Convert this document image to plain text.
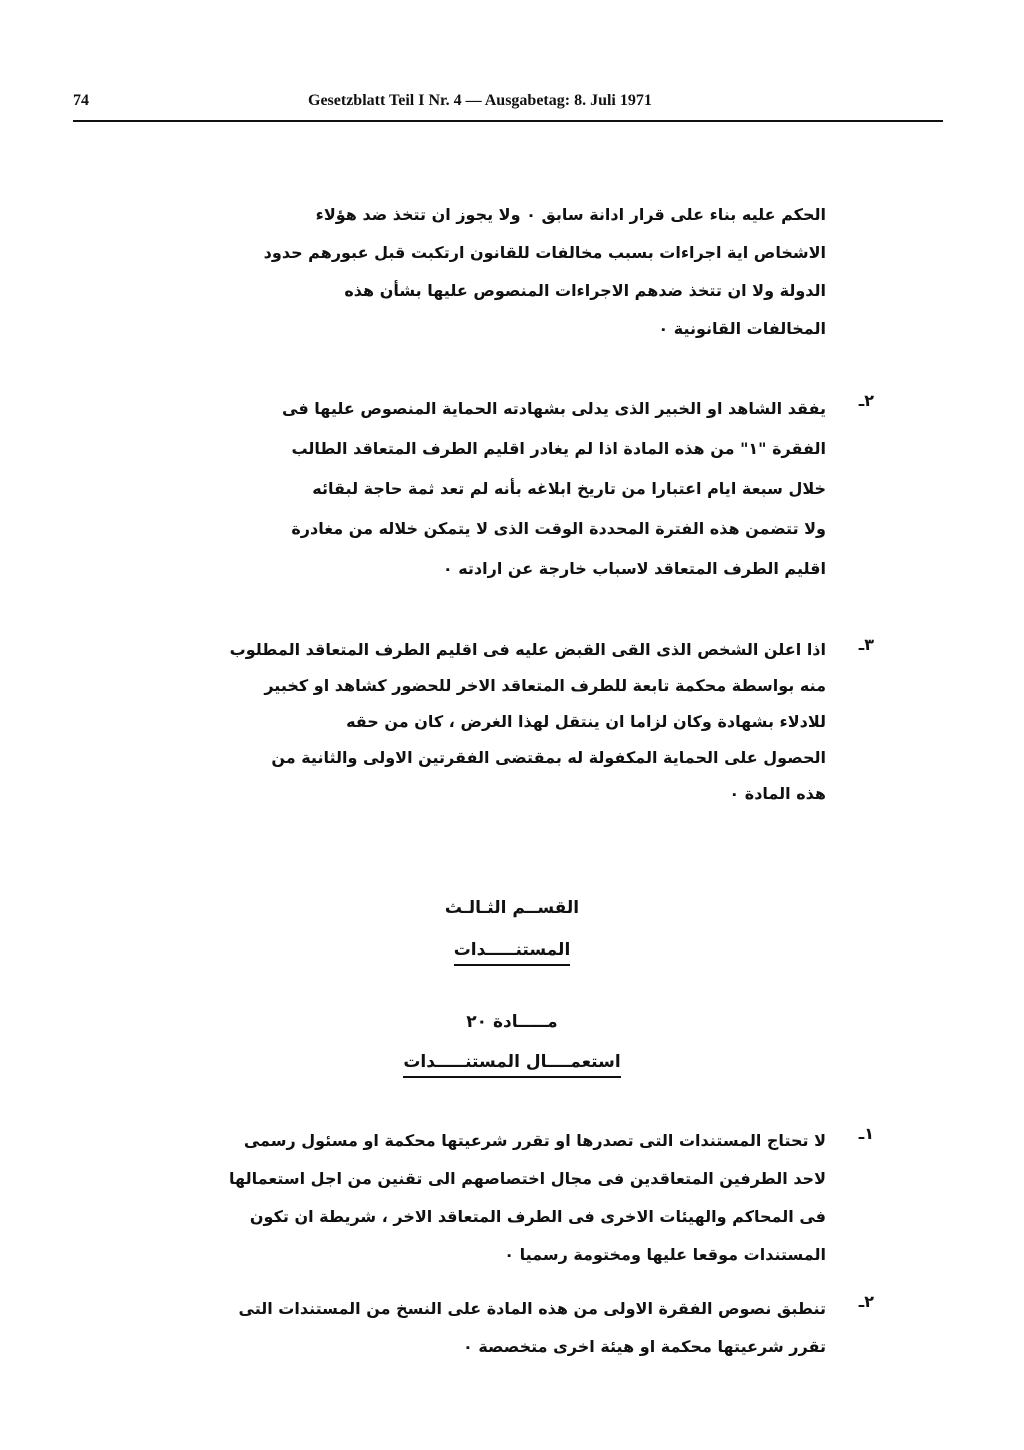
74	Gesetzblatt Teil I Nr. 4 — Ausgabetag: 8. Juli 1971
الحكم عليه بناء على قرار ادانة سابق ٠ ولا يجوز ان تتخذ ضد هؤلاء
الاشخاص اية اجراءات بسبب مخالفات للقانون ارتكبت قبل عبورهم حدود
الدولة ولا ان تتخذ ضدهم الاجراءات المنصوص عليها بشأن هذه
المخالفات القانونية ٠
٢ـ
يفقد الشاهد او الخبير الذى يدلى بشهادته الحماية المنصوص عليها فى
الفقرة "١" من هذه المادة اذا لم يغادر اقليم الطرف المتعاقد الطالب
خلال سبعة ايام اعتبارا من تاريخ ابلاغه بأنه لم تعد ثمة حاجة لبقائه
ولا تتضمن هذه الفترة المحددة الوقت الذى لا يتمكن خلاله من مغادرة
اقليم الطرف المتعاقد لاسباب خارجة عن ارادته ٠
٣ـ
اذا اعلن الشخص الذى القى القبض عليه فى اقليم الطرف المتعاقد المطلوب
منه بواسطة محكمة تابعة للطرف المتعاقد الاخر للحضور كشاهد او كخبير
للادلاء بشهادة وكان لزاما ان ينتقل لهذا الغرض ، كان من حقه
الحصول على الحماية المكفولة له بمقتضى الفقرتين الاولى والثانية من
هذه المادة ٠
القســم الثـالـث
المستنـــــدات
مـــــادة ٢٠
استعمــــال المستنـــــدات
١ـ
لا تحتاج المستندات التى تصدرها او تقرر شرعيتها محكمة او مسئول رسمى
لاحد الطرفين المتعاقدين فى مجال اختصاصهم الى تقنين من اجل استعمالها
فى المحاكم والهيئات الاخرى فى الطرف المتعاقد الاخر ، شريطة ان تكون
المستندات موقعا عليها ومختومة رسميا ٠
٢ـ
تنطبق نصوص الفقرة الاولى من هذه المادة على النسخ من المستندات التى
تقرر شرعيتها محكمة او هيئة اخرى متخصصة ٠
